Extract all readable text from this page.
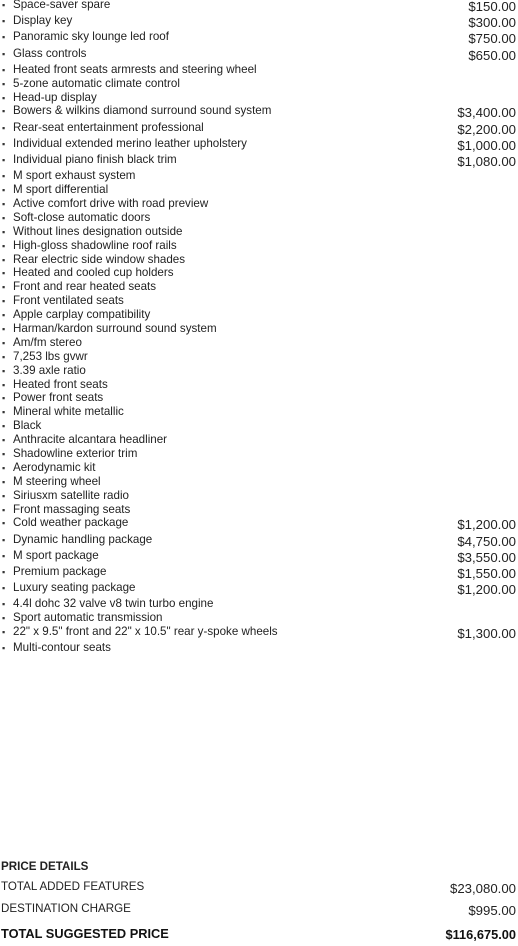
▪ Space-saver spare	$150.00
▪ Display key	$300.00
▪ Panoramic sky lounge led roof	$750.00
▪ Glass controls	$650.00
▪ Heated front seats armrests and steering wheel
▪ 5-zone automatic climate control
▪ Head-up display
▪ Bowers & wilkins diamond surround sound system	$3,400.00
▪ Rear-seat entertainment professional	$2,200.00
▪ Individual extended merino leather upholstery	$1,000.00
▪ Individual piano finish black trim	$1,080.00
▪ M sport exhaust system
▪ M sport differential
▪ Active comfort drive with road preview
▪ Soft-close automatic doors
▪ Without lines designation outside
▪ High-gloss shadowline roof rails
▪ Rear electric side window shades
▪ Heated and cooled cup holders
▪ Front and rear heated seats
▪ Front ventilated seats
▪ Apple carplay compatibility
▪ Harman/kardon surround sound system
▪ Am/fm stereo
▪ 7,253 lbs gvwr
▪ 3.39 axle ratio
▪ Heated front seats
▪ Power front seats
▪ Mineral white metallic
▪ Black
▪ Anthracite alcantara headliner
▪ Shadowline exterior trim
▪ Aerodynamic kit
▪ M steering wheel
▪ Siriusxm satellite radio
▪ Front massaging seats
▪ Cold weather package	$1,200.00
▪ Dynamic handling package	$4,750.00
▪ M sport package	$3,550.00
▪ Premium package	$1,550.00
▪ Luxury seating package	$1,200.00
▪ 4.4l dohc 32 valve v8 twin turbo engine
▪ Sport automatic transmission
▪ 22" x 9.5" front and 22" x 10.5" rear y-spoke wheels	$1,300.00
▪ Multi-contour seats
PRICE DETAILS
TOTAL ADDED FEATURES	$23,080.00
DESTINATION CHARGE	$995.00
TOTAL SUGGESTED PRICE	$116,675.00
